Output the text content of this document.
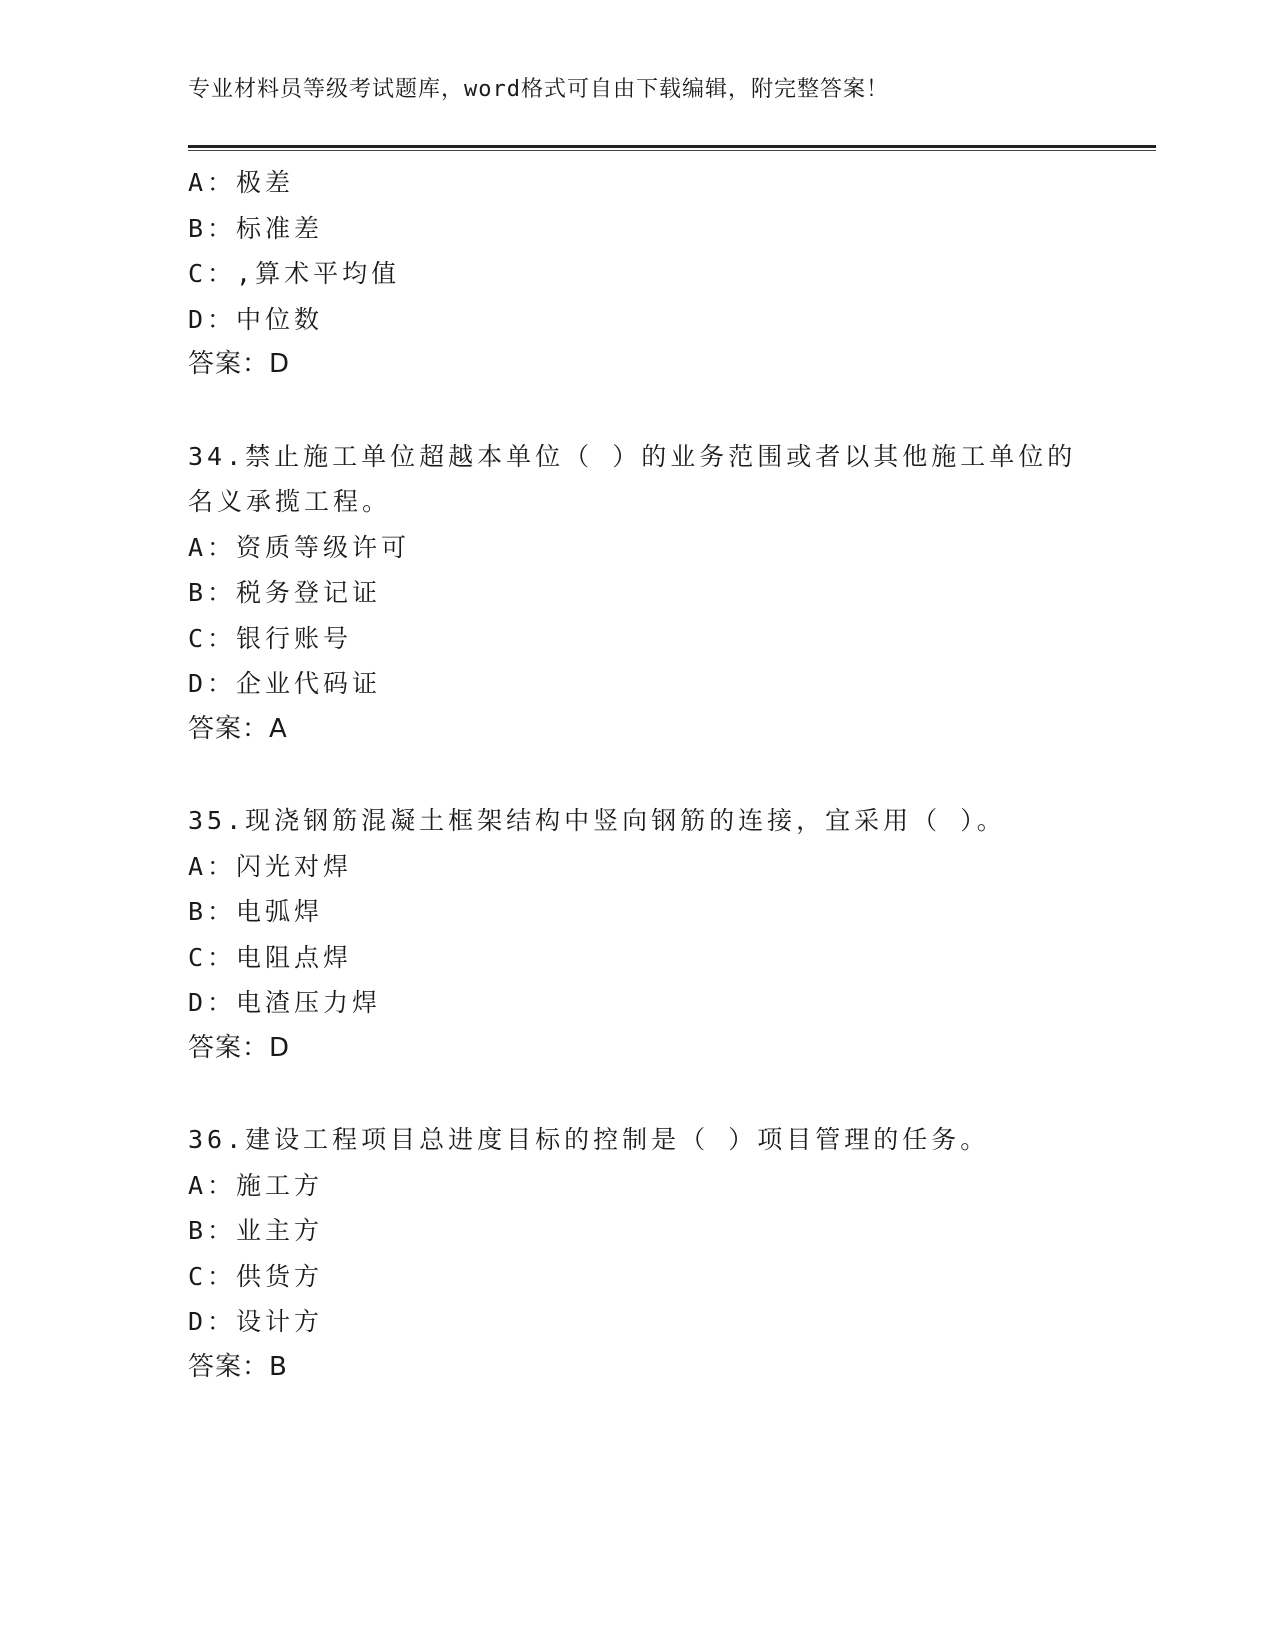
专业材料员等级考试题库，word格式可自由下载编辑，附完整答案！
A：极差
B：标准差
C：,算术平均值
D：中位数
答案：D
34.禁止施工单位超越本单位（ ）的业务范围或者以其他施工单位的
名义承揽工程。
A：资质等级许可
B：税务登记证
C：银行账号
D：企业代码证
答案：A
35.现浇钢筋混凝土框架结构中竖向钢筋的连接，宜采用（ ）。
A：闪光对焊
B：电弧焊
C：电阻点焊
D：电渣压力焊
答案：D
36.建设工程项目总进度目标的控制是（ ）项目管理的任务。
A：施工方
B：业主方
C：供货方
D：设计方
答案：B
